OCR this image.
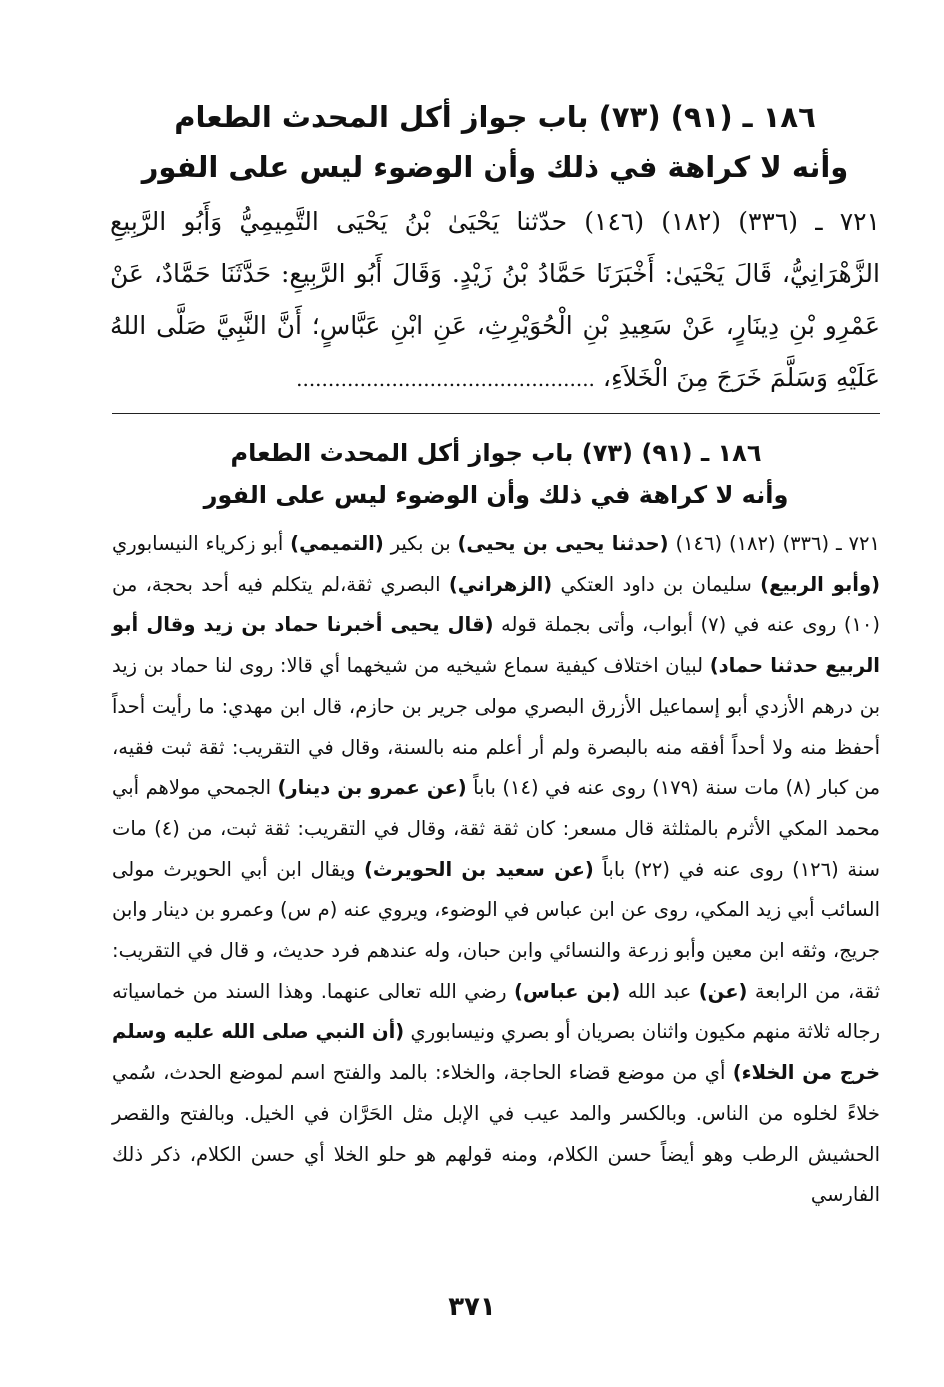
١٨٦ ـ (٩١) (٧٣) باب جواز أكل المحدث الطعام
وأنه لا كراهة في ذلك وأن الوضوء ليس على الفور
٧٢١ ـ (٣٣٦) (١٨٢) (١٤٦) حدّثنا يَحْيَىٰ بْنُ يَحْيَى التَّمِيمِيُّ وَأَبُو الرَّبِيعِ الزَّهْرَانِيُّ، قَالَ يَحْيَىٰ: أَخْبَرَنَا حَمَّادُ بْنُ زَيْدٍ. وَقَالَ أَبُو الرَّبِيعِ: حَدَّثَنَا حَمَّادٌ، عَنْ عَمْرِو بْنِ دِينَارٍ، عَنْ سَعِيدِ بْنِ الْحُوَيْرِثِ، عَنِ ابْنِ عَبَّاسٍ؛ أَنَّ النَّبِيَّ صَلَّى اللهُ عَلَيْهِ وَسَلَّمَ خَرَجَ مِنَ الْخَلاَءِ، ...............................................
١٨٦ ـ (٩١) (٧٣) باب جواز أكل المحدث الطعام
وأنه لا كراهة في ذلك وأن الوضوء ليس على الفور
٧٢١ ـ (٣٣٦) (١٨٢) (١٤٦) (حدثنا يحيى بن يحيى) بن بكير (التميمي) أبو زكرياء النيسابوري (وأبو الربيع) سليمان بن داود العتكي (الزهراني) البصري ثقة،لم يتكلم فيه أحد بحجة، من (١٠) روى عنه في (٧) أبواب، وأتى بجملة قوله (قال يحيى أخبرنا حماد بن زيد وقال أبو الربيع حدثنا حماد) لبيان اختلاف كيفية سماع شيخيه من شيخهما أي قالا: روى لنا حماد بن زيد بن درهم الأزدي أبو إسماعيل الأزرق البصري مولى جرير بن حازم، قال ابن مهدي: ما رأيت أحداً أحفظ منه ولا أحداً أفقه منه بالبصرة ولم أر أعلم منه بالسنة، وقال في التقريب: ثقة ثبت فقيه، من كبار (٨) مات سنة (١٧٩) روى عنه في (١٤) باباً (عن عمرو بن دينار) الجمحي مولاهم أبي محمد المكي الأثرم بالمثلثة قال مسعر: كان ثقة ثقة، وقال في التقريب: ثقة ثبت، من (٤) مات سنة (١٢٦) روى عنه في (٢٢) باباً (عن سعيد بن الحويرث) ويقال ابن أبي الحويرث مولى السائب أبي زيد المكي، روى عن ابن عباس في الوضوء، ويروي عنه (م س) وعمرو بن دينار وابن جريج، وثقه ابن معين وأبو زرعة والنسائي وابن حبان، وله عندهم فرد حديث، و قال في التقريب: ثقة، من الرابعة (عن) عبد الله (بن عباس) رضي الله تعالى عنهما. وهذا السند من خماسياته رجاله ثلاثة منهم مكيون واثنان بصريان أو بصري ونيسابوري (أن النبي صلى الله عليه وسلم خرج من الخلاء) أي من موضع قضاء الحاجة، والخلاء: بالمد والفتح اسم لموضع الحدث، سُمي خلاءً لخلوه من الناس. وبالكسر والمد عيب في الإبل مثل الحَرَّان في الخيل. وبالفتح والقصر الحشيش الرطب وهو أيضاً حسن الكلام، ومنه قولهم هو حلو الخلا أي حسن الكلام، ذكر ذلك الفارسي
٣٧١
